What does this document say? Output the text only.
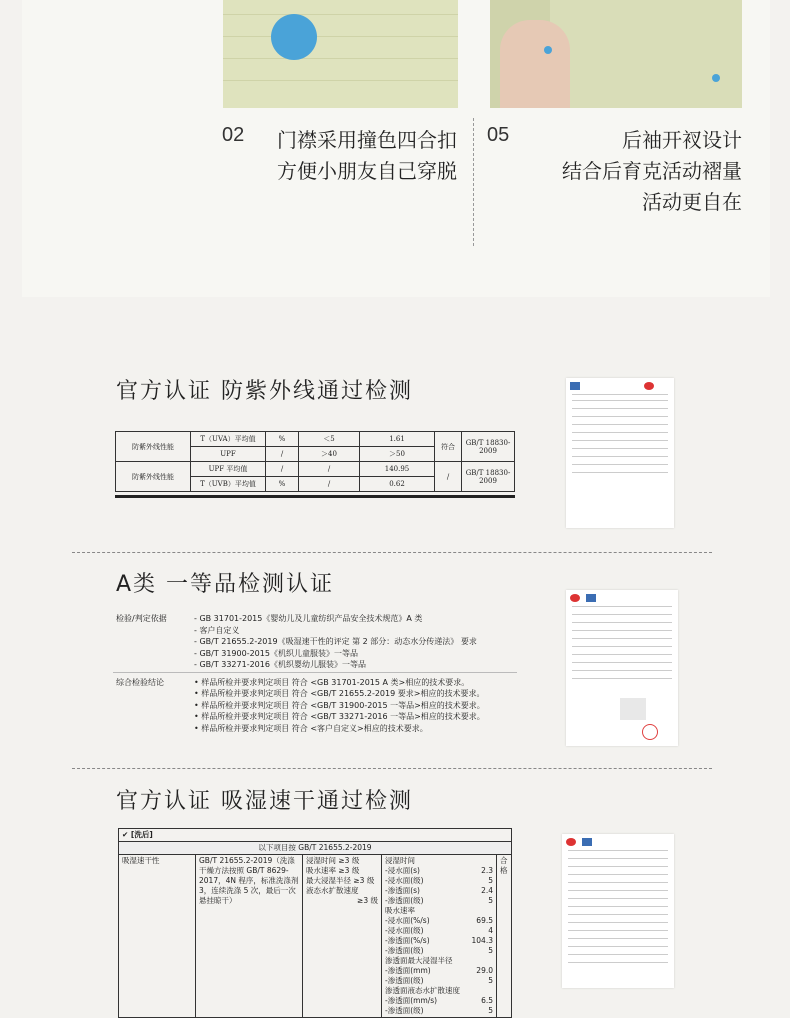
02 门襟采用撞色四合扣
方便小朋友自己穿脱
05	后袖开衩设计
结合后育克活动褶量
活动更自在
官方认证 防紫外线通过检测
防紫外线性能	T（UVA）平均值	%	＜5	1.61	符合	GB/T 18830-2009
	UPF	/	＞40	＞50		
防紫外线性能	UPF 平均值	/	/	140.95	/	GB/T 18830-2009
	T（UVB）平均值	%	/	0.62		
A类 一等品检测认证
检验/判定依据	- GB 31701-2015《婴幼儿及儿童纺织产品安全技术规范》A 类
- 客户自定义
- GB/T 21655.2-2019《吸湿速干性的评定 第 2 部分：动态水分传递法》 要求
- GB/T 31900-2015《机织儿童服装》一等品
- GB/T 33271-2016《机织婴幼儿服装》一等品

综合检验结论	• 样品所检并要求判定项目 符合 <GB 31701-2015 A 类>相应的技术要求。
• 样品所检并要求判定项目 符合 <GB/T 21655.2-2019 要求>相应的技术要求。
• 样品所检并要求判定项目 符合 <GB/T 31900-2015 一等品>相应的技术要求。
• 样品所检并要求判定项目 符合 <GB/T 33271-2016 一等品>相应的技术要求。
• 样品所检并要求判定项目 符合 <客户自定义>相应的技术要求。
官方认证 吸湿速干通过检测
✔ [洗后]
以下项目按 GB/T 21655.2-2019
吸湿速干性	GB/T 21655.2-2019（洗涤干燥方法按照 GB/T 8629-2017，4N 程序，标准洗涤剂 3，连续洗涤 5 次，最后一次悬挂晾干）	
浸湿时间 ≥3 级
吸水速率 ≥3 级
最大浸湿半径 ≥3 级
液态水扩散速度
≥3 级

浸湿时间
-浸水面(s)	2.3
-浸水面(级)	5
-渗透面(s)	2.4
-渗透面(级)	5
吸水速率
-浸水面(%/s)	69.5
-浸水面(级)	4
-渗透面(%/s)	104.3
-渗透面(级)	5
渗透面最大浸湿半径
-渗透面(mm)	29.0
-渗透面(级)	5
渗透面液态水扩散速度
-渗透面(mm/s)	6.5
-渗透面(级)	5
	合格
